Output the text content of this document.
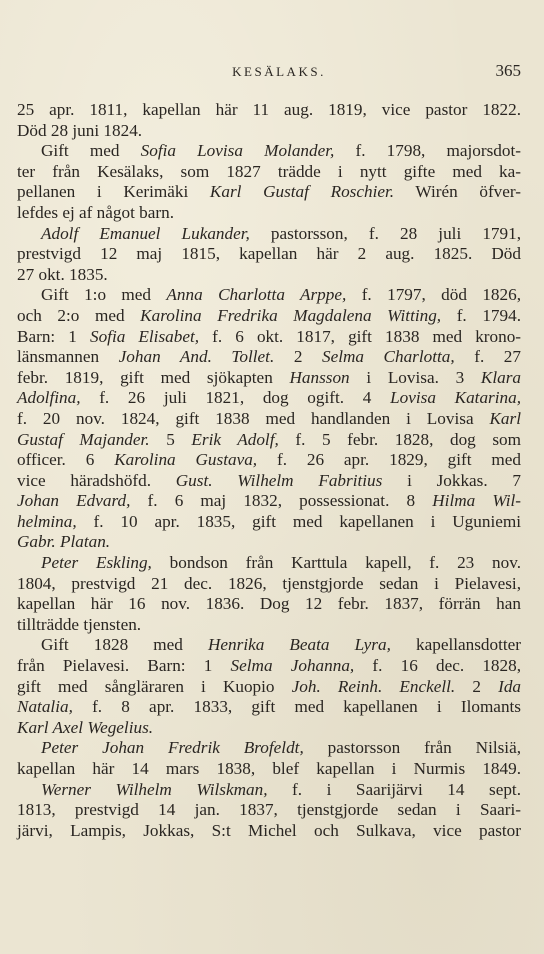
KESÄLAKS.	365
25 apr. 1811, kapellan här 11 aug. 1819, vice pastor 1822.
Död 28 juni 1824.
Gift med Sofia Lovisa Molander, f. 1798, majorsdot-
ter från Kesälaks, som 1827 trädde i nytt gifte med ka-
pellanen i Kerimäki Karl Gustaf Roschier. Wirén öfver-
lefdes ej af något barn.
Adolf Emanuel Lukander, pastorsson, f. 28 juli 1791,
prestvigd 12 maj 1815, kapellan här 2 aug. 1825. Död
27 okt. 1835.
Gift 1:o med Anna Charlotta Arppe, f. 1797, död 1826,
och 2:o med Karolina Fredrika Magdalena Witting, f. 1794.
Barn: 1 Sofia Elisabet, f. 6 okt. 1817, gift 1838 med krono-
länsmannen Johan And. Tollet. 2 Selma Charlotta, f. 27
febr. 1819, gift med sjökapten Hansson i Lovisa. 3 Klara
Adolfina, f. 26 juli 1821, dog ogift. 4 Lovisa Katarina,
f. 20 nov. 1824, gift 1838 med handlanden i Lovisa Karl
Gustaf Majander. 5 Erik Adolf, f. 5 febr. 1828, dog som
officer. 6 Karolina Gustava, f. 26 apr. 1829, gift med
vice häradshöfd. Gust. Wilhelm Fabritius i Jokkas. 7
Johan Edvard, f. 6 maj 1832, possessionat. 8 Hilma Wil-
helmina, f. 10 apr. 1835, gift med kapellanen i Uguniemi
Gabr. Platan.
Peter Eskling, bondson från Karttula kapell, f. 23 nov.
1804, prestvigd 21 dec. 1826, tjenstgjorde sedan i Pielavesi,
kapellan här 16 nov. 1836. Dog 12 febr. 1837, förrän han
tillträdde tjensten.
Gift 1828 med Henrika Beata Lyra, kapellansdotter
från Pielavesi. Barn: 1 Selma Johanna, f. 16 dec. 1828,
gift med sångläraren i Kuopio Joh. Reinh. Enckell. 2 Ida
Natalia, f. 8 apr. 1833, gift med kapellanen i Ilomants
Karl Axel Wegelius.
Peter Johan Fredrik Brofeldt, pastorsson från Nilsiä,
kapellan här 14 mars 1838, blef kapellan i Nurmis 1849.
Werner Wilhelm Wilskman, f. i Saarijärvi 14 sept.
1813, prestvigd 14 jan. 1837, tjenstgjorde sedan i Saari-
järvi, Lampis, Jokkas, S:t Michel och Sulkava, vice pastor
